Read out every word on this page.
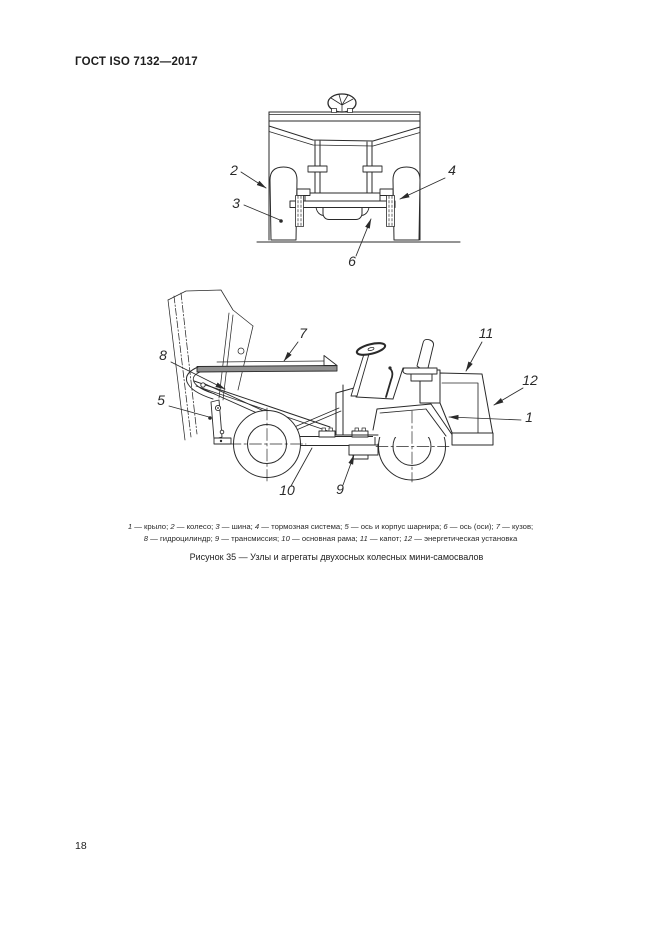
ГОСТ ISO 7132—2017
2
3
4
6
7
8
5
11
12
1
10	9
1 — крыло; 2 — колесо; 3 — шина; 4 — тормозная система; 5 — ось и корпус шарнира; 6 — ось (оси); 7 — кузов;
8 — гидроцилиндр; 9 — трансмиссия; 10 — основная рама; 11 — капот; 12 — энергетическая установка
Рисунок 35 — Узлы и агрегаты двухосных колесных мини-самосвалов
18
